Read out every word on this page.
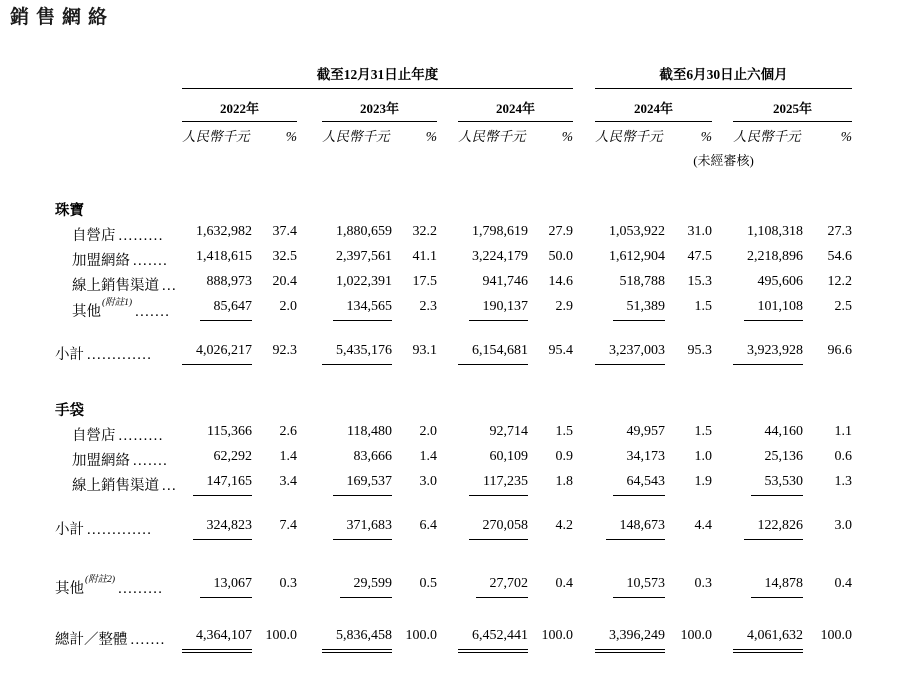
銷售網絡
	截至12月31日止年度									截至6月30日止六個月				
	2022年			2023年			2024年			2024年			2025年	

	人民幣千元 %			人民幣千元 %			人民幣千元 %			人民幣千元 %			人民幣千元 %	

										(未經審核)				

珠寶														
自營店 .........	1,632,982	37.4		1,880,659	32.2		1,798,619	27.9		1,053,922	31.0		1,108,318	27.3
加盟網絡 .......	1,418,615	32.5		2,397,561	41.1		3,224,179	50.0		1,612,904	47.5		2,218,896	54.6
線上銷售渠道 ...	888,973	20.4		1,022,391	17.5		941,746	14.6		518,788	15.3		495,606	12.2
其他$^{(附註1)}$.......	85,647	2.0		134,565	2.3		190,137	2.9		51,389	1.5		101,108	2.5

小計 .............	4,026,217	92.3		5,435,176	93.1		6,154,681	95.4		3,237,003	95.3		3,923,928	96.6

手袋														
自營店 .........	115,366	2.6		118,480	2.0		92,714	1.5		49,957	1.5		44,160	1.1
加盟網絡 .......	62,292	1.4		83,666	1.4		60,109	0.9		34,173	1.0		25,136	0.6
線上銷售渠道 ...	147,165	3.4		169,537	3.0		117,235	1.8		64,543	1.9		53,530	1.3

小計 .............	324,823	7.4		371,683	6.4		270,058	4.2		148,673	4.4		122,826	3.0

其他$^{(附註2)}$.........	13,067	0.3		29,599	0.5		27,702	0.4		10,573	0.3		14,878	0.4

總計／整體 .......	4,364,107	100.0		5,836,458	100.0		6,452,441	100.0		3,396,249	100.0		4,061,632	100.0
